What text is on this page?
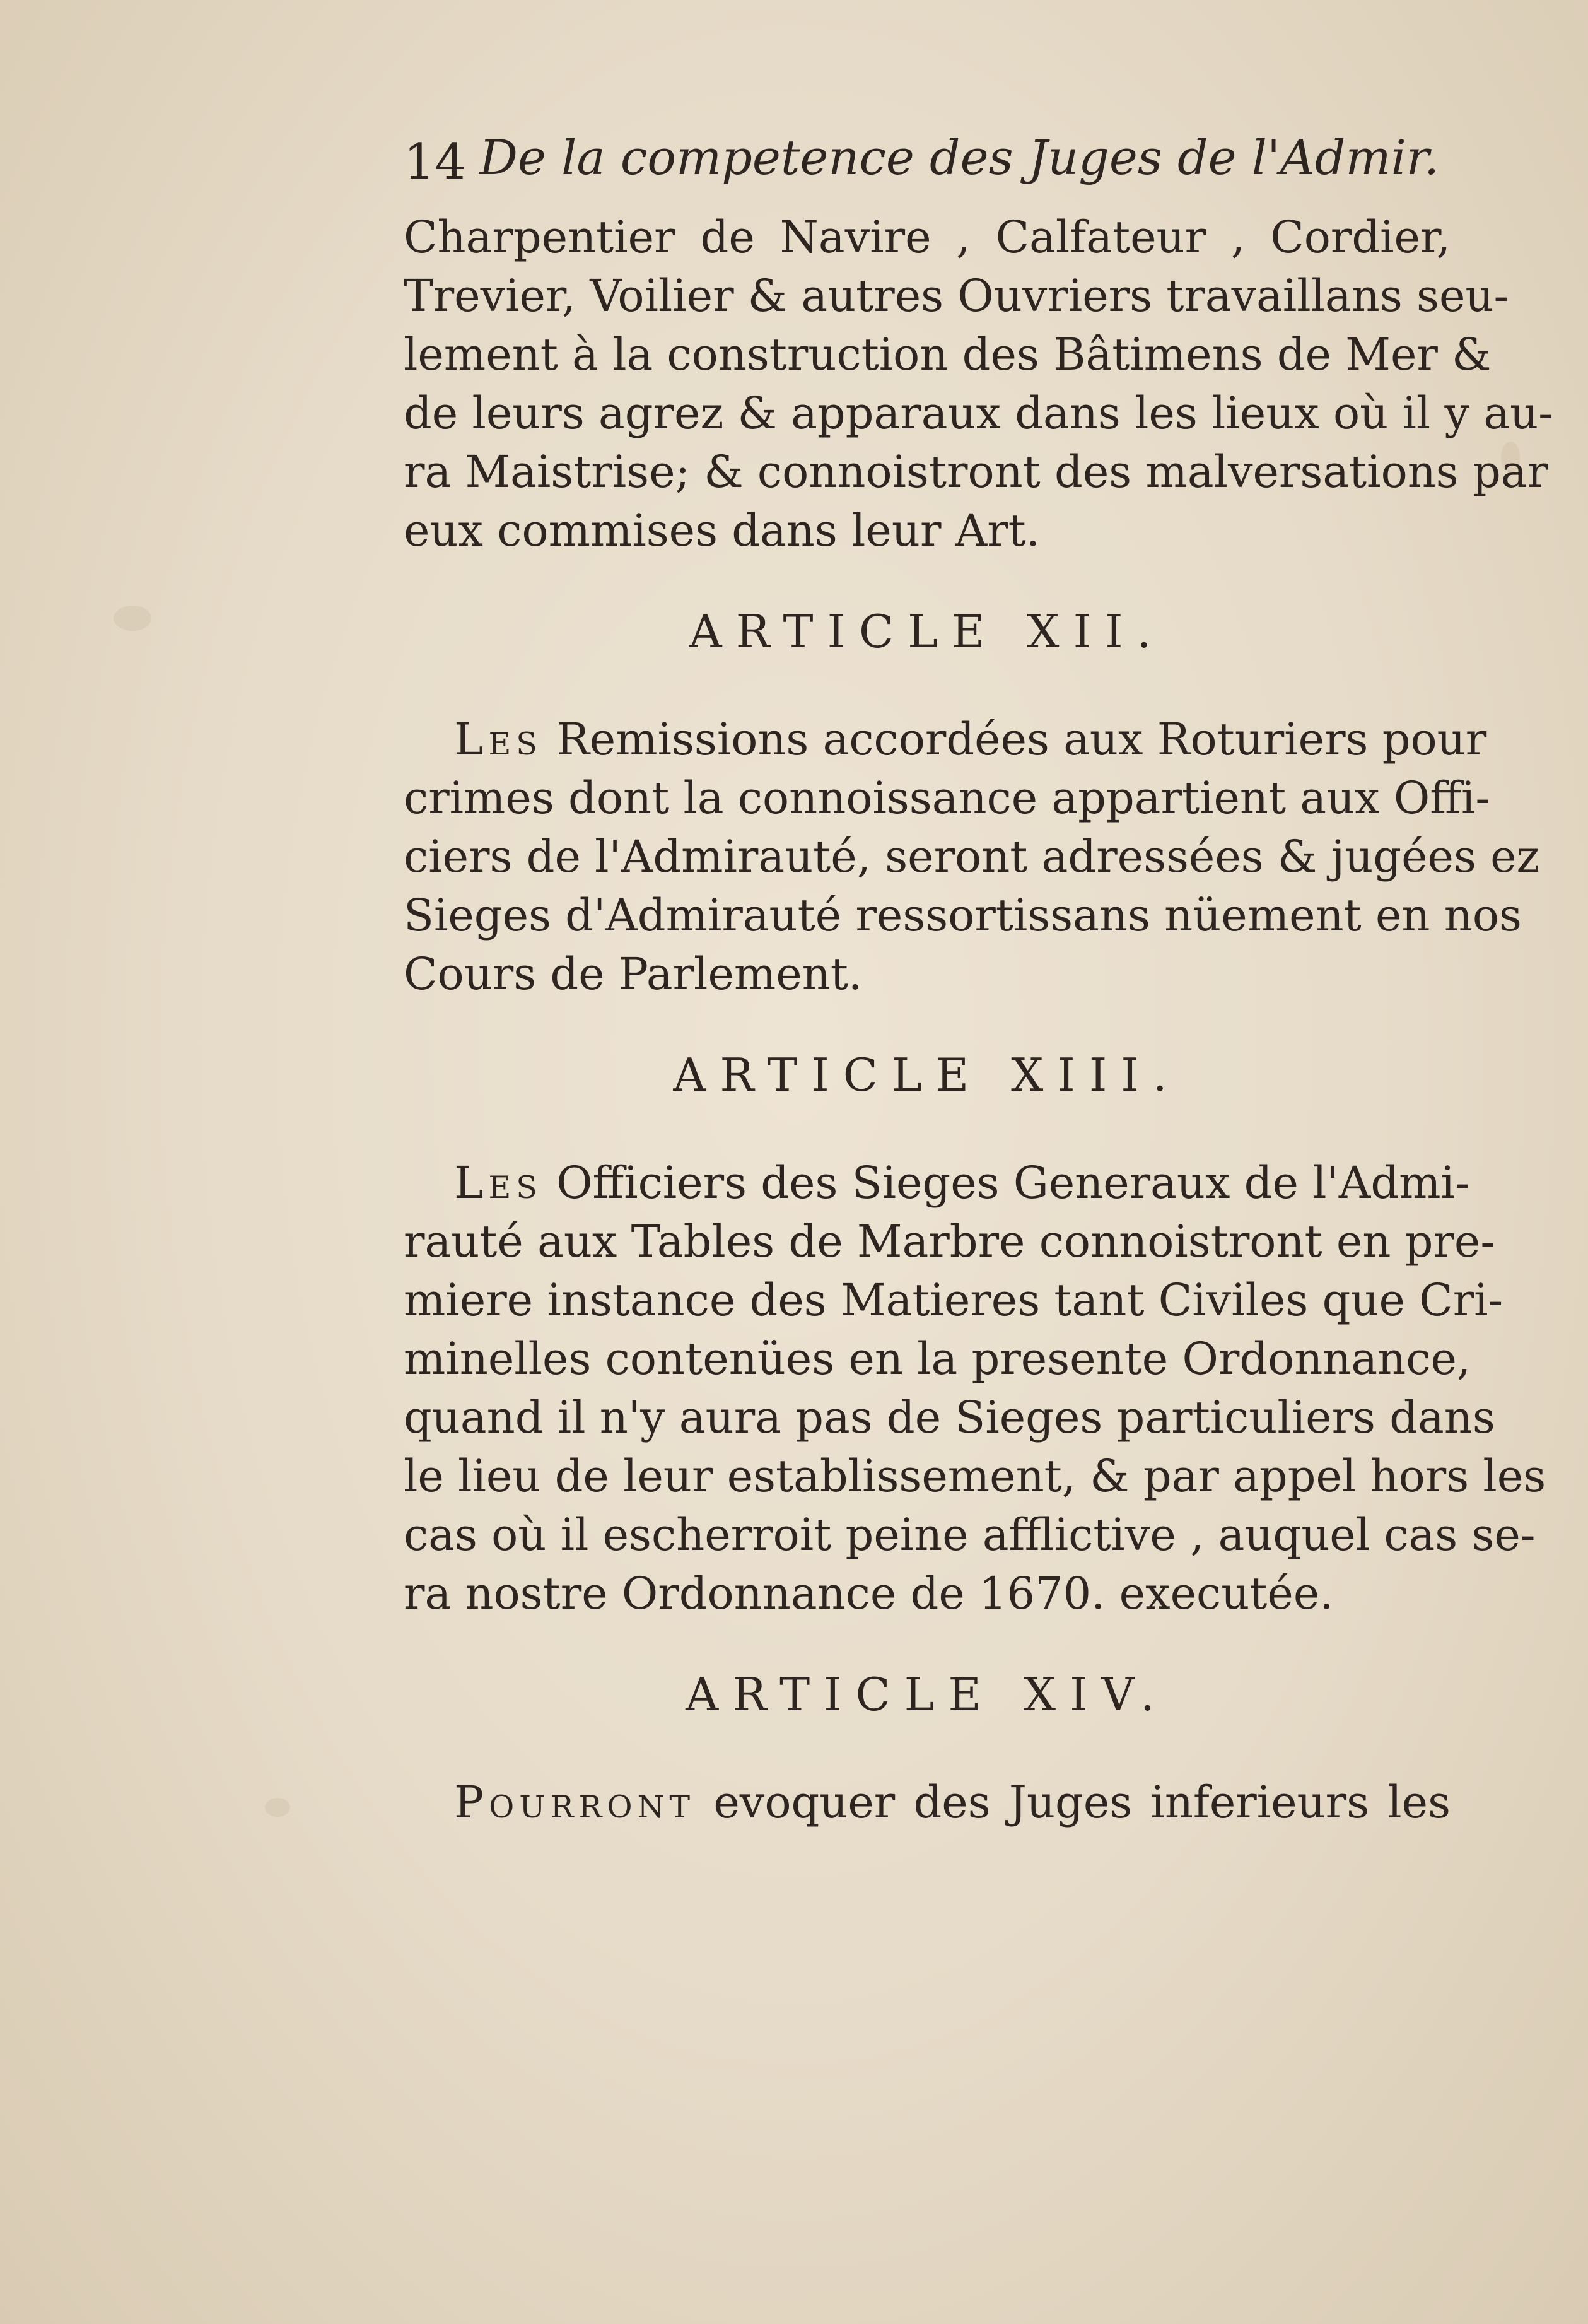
14 De la competence des Juges de l'Admir.
Charpentier de Navire , Calfateur , Cordier,
Trevier, Voilier & autres Ouvriers travaillans seu-
lement à la construction des Bâtimens de Mer &
de leurs agrez & apparaux dans les lieux où il y au-
ra Maistrise; & connoistront des malversations par
eux commises dans leur Art.
ARTICLE XII.
Les Remissions accordées aux Roturiers pour
crimes dont la connoissance appartient aux Offi-
ciers de l'Admirauté, seront adressées & jugées ez
Sieges d'Admirauté ressortissans nüement en nos
Cours de Parlement.
ARTICLE XIII.
Les Officiers des Sieges Generaux de l'Admi-
rauté aux Tables de Marbre connoistront en pre-
miere instance des Matieres tant Civiles que Cri-
minelles contenües en la presente Ordonnance,
quand il n'y aura pas de Sieges particuliers dans
le lieu de leur establissement, & par appel hors les
cas où il escherroit peine afflictive , auquel cas se-
ra nostre Ordonnance de 1670. executée.
ARTICLE XIV.
Pourront evoquer des Juges inferieurs les
